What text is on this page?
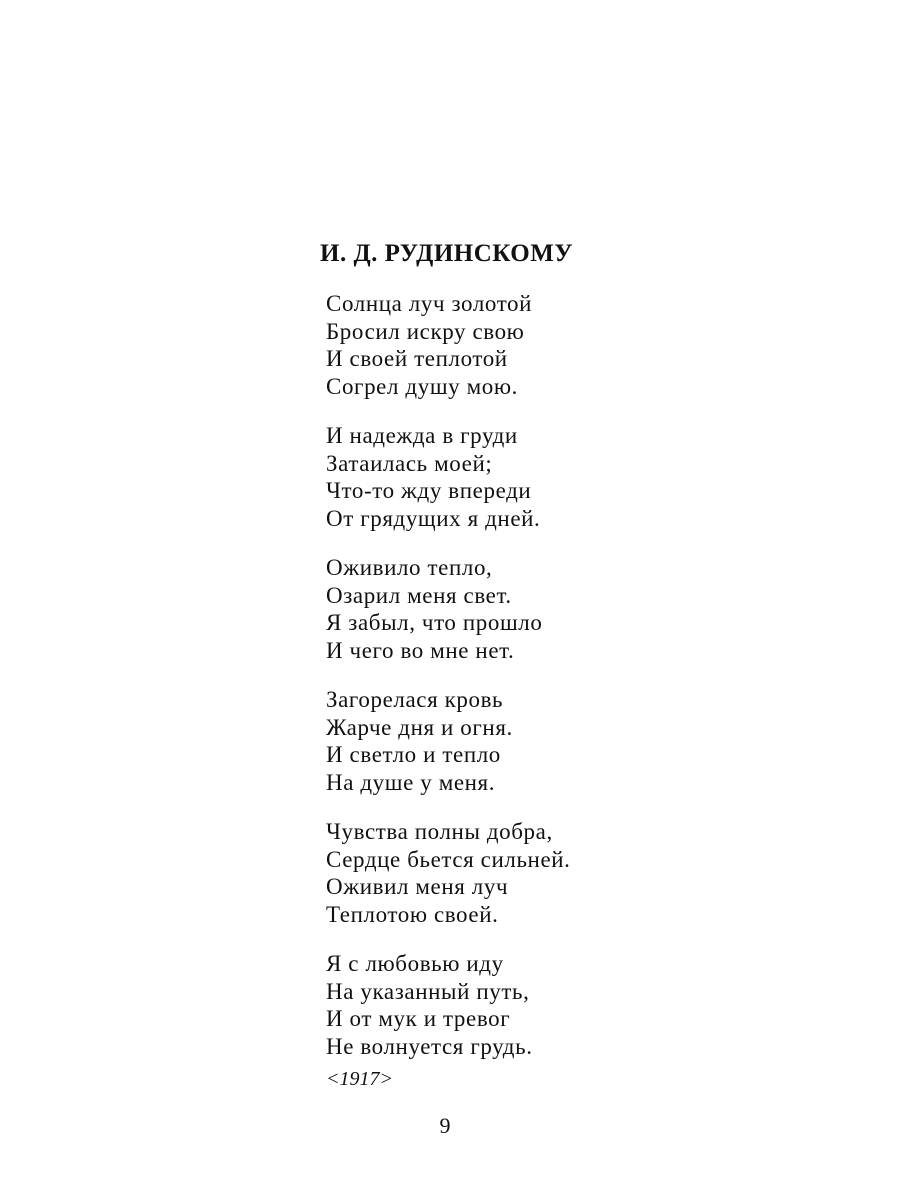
И. Д. РУДИНСКОМУ
Солнца луч золотой
Бросил искру свою
И своей теплотой
Согрел душу мою.
И надежда в груди
Затаилась моей;
Что-то жду впереди
От грядущих я дней.
Оживило тепло,
Озарил меня свет.
Я забыл, что прошло
И чего во мне нет.
Загорелася кровь
Жарче дня и огня.
И светло и тепло
На душе у меня.
Чувства полны добра,
Сердце бьется сильней.
Оживил меня луч
Теплотою своей.
Я с любовью иду
На указанный путь,
И от мук и тревог
Не волнуется грудь.
<1917>
9
